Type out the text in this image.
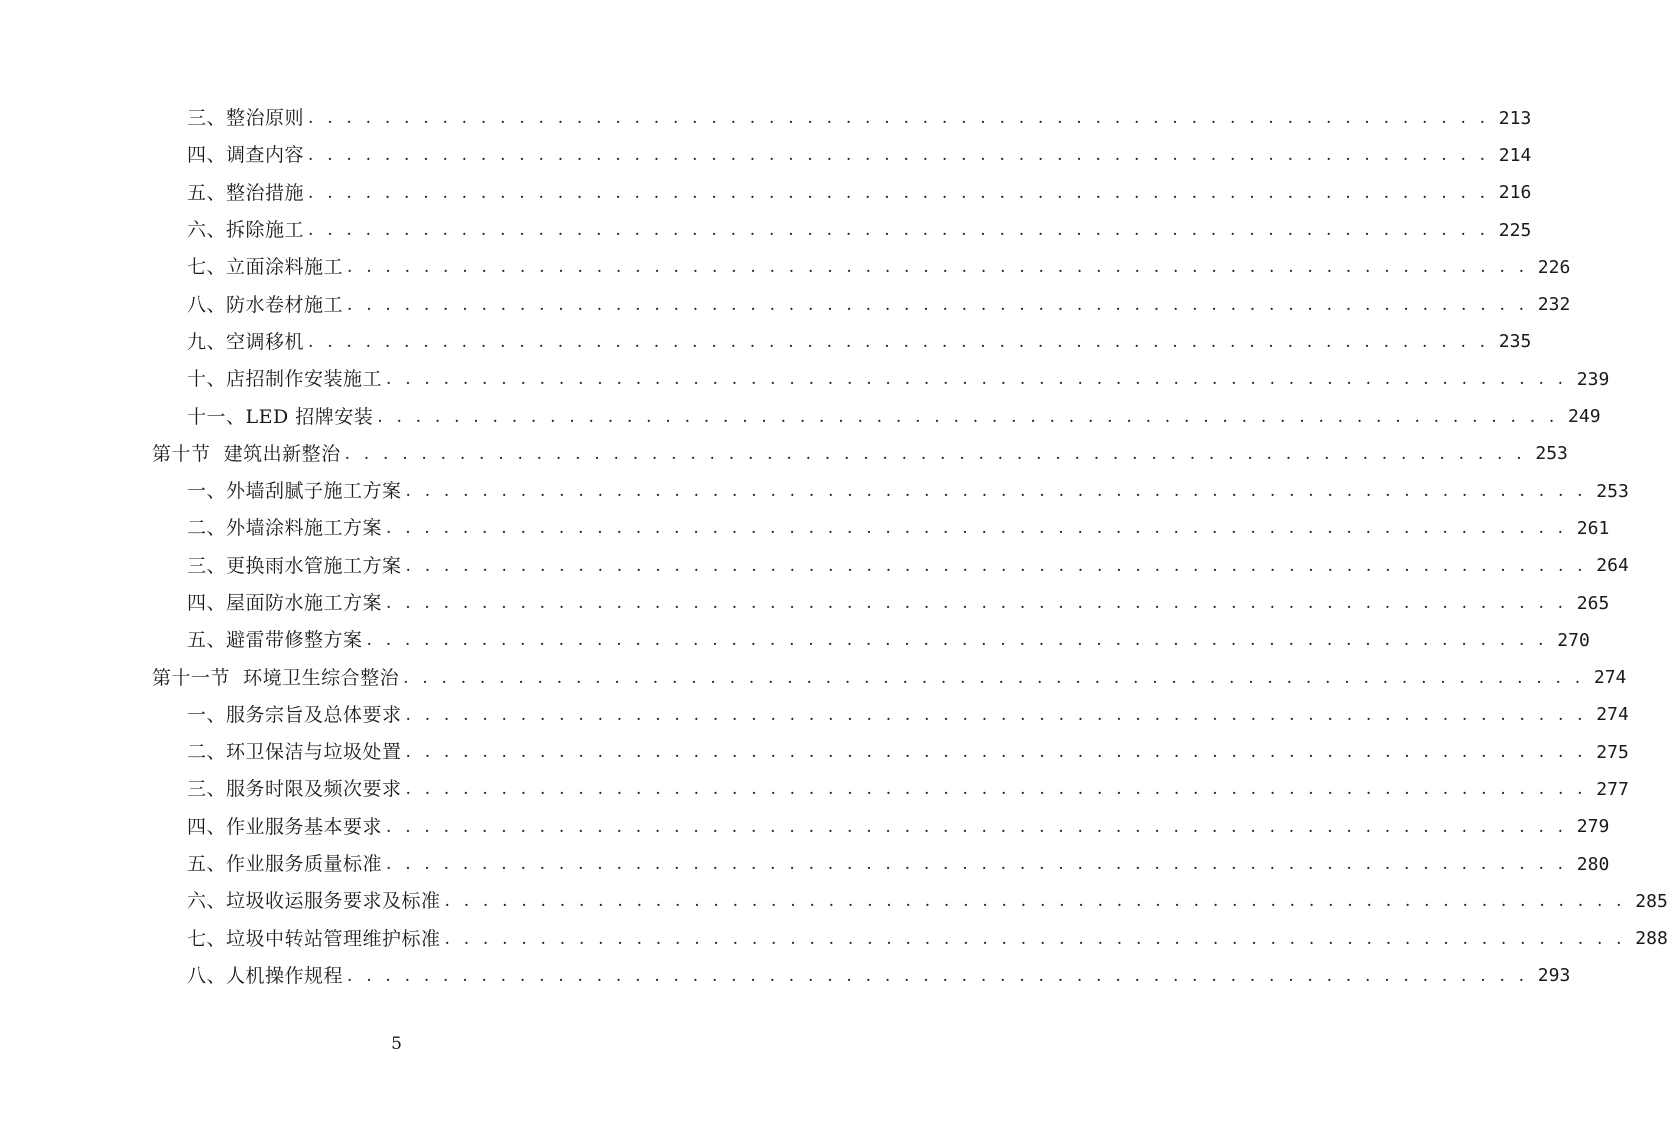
三、整治原则 . . . . . . . . . . . . . . . . . . . . . . . . . . . . . . . . . . . . . . . . . . . . . . . . . . . . . . . . . . . . . . 213
四、调查内容 . . . . . . . . . . . . . . . . . . . . . . . . . . . . . . . . . . . . . . . . . . . . . . . . . . . . . . . . . . . . . . 214
五、整治措施 . . . . . . . . . . . . . . . . . . . . . . . . . . . . . . . . . . . . . . . . . . . . . . . . . . . . . . . . . . . . . . 216
六、拆除施工 . . . . . . . . . . . . . . . . . . . . . . . . . . . . . . . . . . . . . . . . . . . . . . . . . . . . . . . . . . . . . . 225
七、立面涂料施工 . . . . . . . . . . . . . . . . . . . . . . . . . . . . . . . . . . . . . . . . . . . . . . . . . . . . . . . . . . . . . . 226
八、防水卷材施工 . . . . . . . . . . . . . . . . . . . . . . . . . . . . . . . . . . . . . . . . . . . . . . . . . . . . . . . . . . . . . . 232
九、空调移机 . . . . . . . . . . . . . . . . . . . . . . . . . . . . . . . . . . . . . . . . . . . . . . . . . . . . . . . . . . . . . . 235
十、店招制作安装施工 . . . . . . . . . . . . . . . . . . . . . . . . . . . . . . . . . . . . . . . . . . . . . . . . . . . . . . . . . . . . . . 239
十一、LED 招牌安装 . . . . . . . . . . . . . . . . . . . . . . . . . . . . . . . . . . . . . . . . . . . . . . . . . . . . . . . . . . . . . . 249
第十节  建筑出新整治 . . . . . . . . . . . . . . . . . . . . . . . . . . . . . . . . . . . . . . . . . . . . . . . . . . . . . . . . . . . . . . 253
一、外墙刮腻子施工方案 . . . . . . . . . . . . . . . . . . . . . . . . . . . . . . . . . . . . . . . . . . . . . . . . . . . . . . . . . . . . . . 253
二、外墙涂料施工方案 . . . . . . . . . . . . . . . . . . . . . . . . . . . . . . . . . . . . . . . . . . . . . . . . . . . . . . . . . . . . . . 261
三、更换雨水管施工方案 . . . . . . . . . . . . . . . . . . . . . . . . . . . . . . . . . . . . . . . . . . . . . . . . . . . . . . . . . . . . . . 264
四、屋面防水施工方案 . . . . . . . . . . . . . . . . . . . . . . . . . . . . . . . . . . . . . . . . . . . . . . . . . . . . . . . . . . . . . . 265
五、避雷带修整方案 . . . . . . . . . . . . . . . . . . . . . . . . . . . . . . . . . . . . . . . . . . . . . . . . . . . . . . . . . . . . . . 270
第十一节  环境卫生综合整治 . . . . . . . . . . . . . . . . . . . . . . . . . . . . . . . . . . . . . . . . . . . . . . . . . . . . . . . . . . . . . . 274
一、服务宗旨及总体要求 . . . . . . . . . . . . . . . . . . . . . . . . . . . . . . . . . . . . . . . . . . . . . . . . . . . . . . . . . . . . . . 274
二、环卫保洁与垃圾处置 . . . . . . . . . . . . . . . . . . . . . . . . . . . . . . . . . . . . . . . . . . . . . . . . . . . . . . . . . . . . . . 275
三、服务时限及频次要求 . . . . . . . . . . . . . . . . . . . . . . . . . . . . . . . . . . . . . . . . . . . . . . . . . . . . . . . . . . . . . . 277
四、作业服务基本要求 . . . . . . . . . . . . . . . . . . . . . . . . . . . . . . . . . . . . . . . . . . . . . . . . . . . . . . . . . . . . . . 279
五、作业服务质量标准 . . . . . . . . . . . . . . . . . . . . . . . . . . . . . . . . . . . . . . . . . . . . . . . . . . . . . . . . . . . . . . 280
六、垃圾收运服务要求及标准 . . . . . . . . . . . . . . . . . . . . . . . . . . . . . . . . . . . . . . . . . . . . . . . . . . . . . . . . . . . . . . 285
七、垃圾中转站管理维护标准 . . . . . . . . . . . . . . . . . . . . . . . . . . . . . . . . . . . . . . . . . . . . . . . . . . . . . . . . . . . . . . 288
八、人机操作规程 . . . . . . . . . . . . . . . . . . . . . . . . . . . . . . . . . . . . . . . . . . . . . . . . . . . . . . . . . . . . . . 293
5
